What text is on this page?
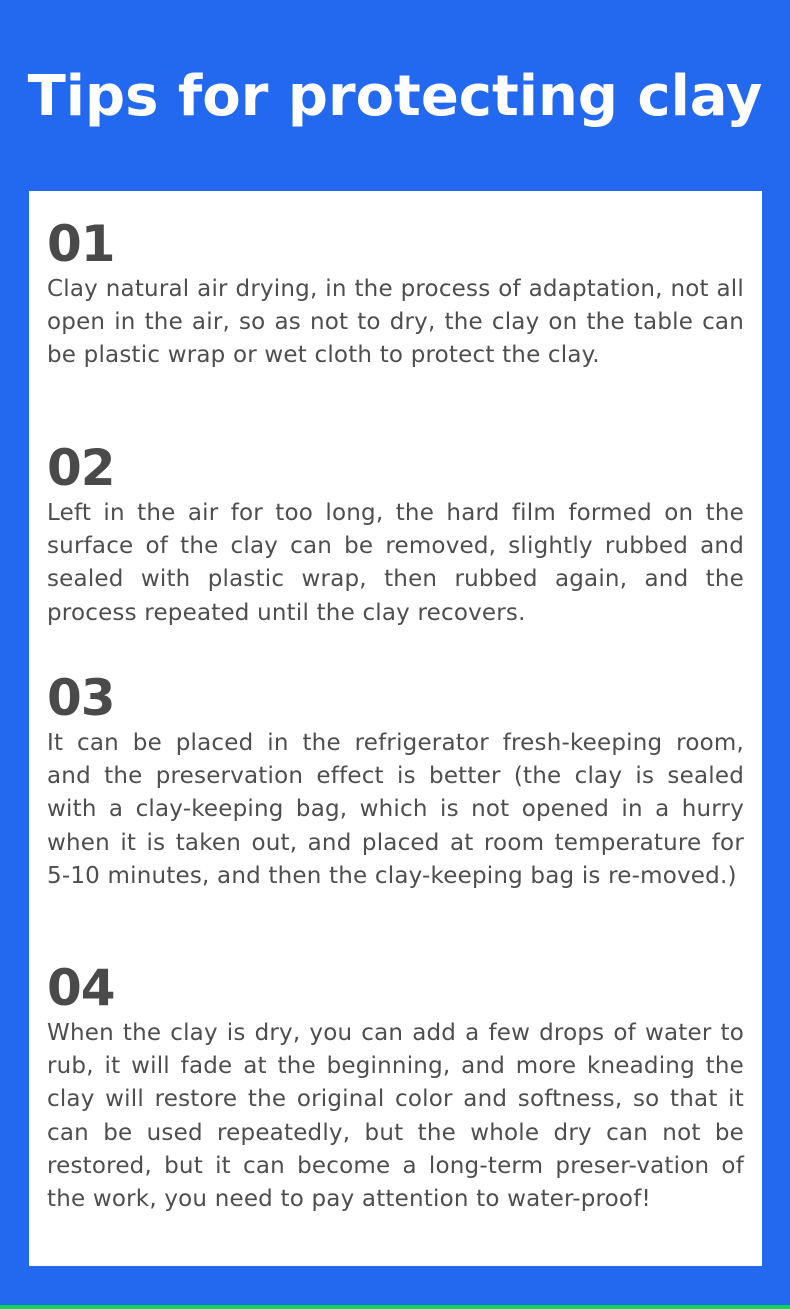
Tips for protecting clay

01

Clay natural air drying, in the process of adaptation, not all open in the air, so as not to dry, the clay on the table can be plastic wrap or wet cloth to protect the clay.

02

Left in the air for too long, the hard film formed on the surface of the clay can be removed, slightly rubbed and sealed with plastic wrap, then rubbed again, and the process repeated until the clay recovers.

03

It can be placed in the refrigerator fresh-keeping room, and the preservation effect is better (the clay is sealed with a clay-keeping bag, which is not opened in a hurry when it is taken out, and placed at room temperature for 5-10 minutes, and then the clay-keeping bag is re-moved.)

04

When the clay is dry, you can add a few drops of water to rub, it will fade at the beginning, and more kneading the clay will restore the original color and softness, so that it can be used repeatedly, but the whole dry can not be restored, but it can become a long-term preser-vation of the work, you need to pay attention to water-proof!
